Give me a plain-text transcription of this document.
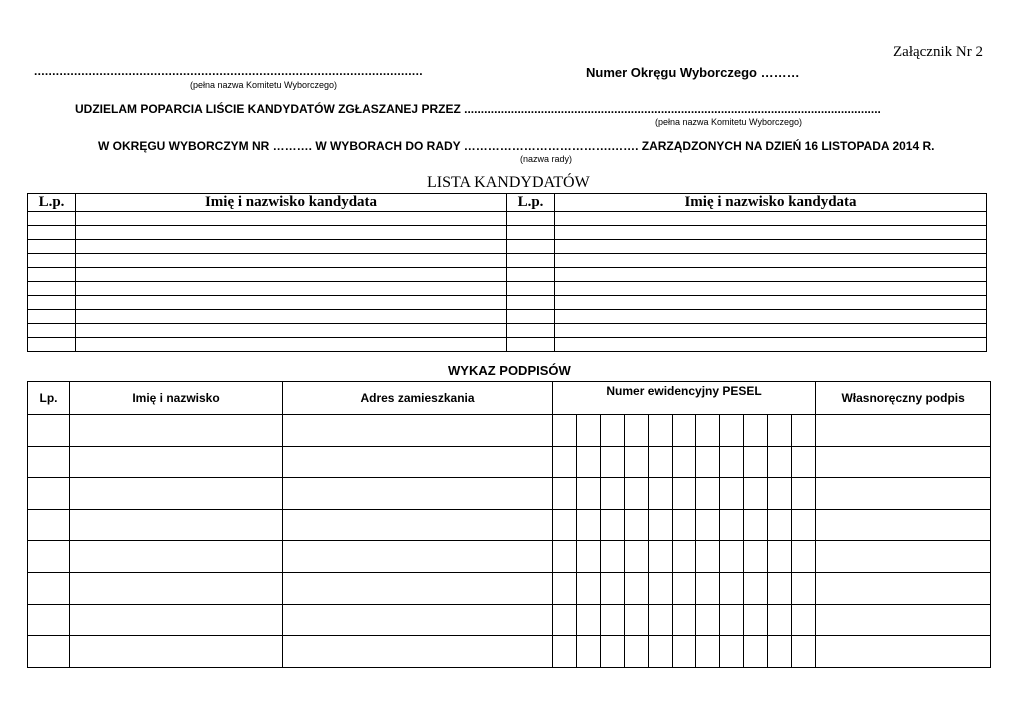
Załącznik Nr 2
...........................................................................................................
(pełna nazwa Komitetu Wyborczego)
Numer Okręgu Wyborczego ………
UDZIELAM POPARCIA LIŚCIE KANDYDATÓW ZGŁASZANEJ PRZEZ .............................................................................................................................
(pełna nazwa Komitetu Wyborczego)
W OKRĘGU WYBORCZYM NR ………. W WYBORACH DO RADY ……………………………….……. ZARZĄDZONYCH NA DZIEŃ 16 LISTOPADA 2014 R.
(nazwa rady)
LISTA KANDYDATÓW
L.p.	Imię i nazwisko kandydata	L.p.	Imię i nazwisko kandydata

WYKAZ PODPISÓW
Lp.	Imię i nazwisko	Adres zamieszkania	Numer ewidencyjny PESEL											Własnoręczny podpis
